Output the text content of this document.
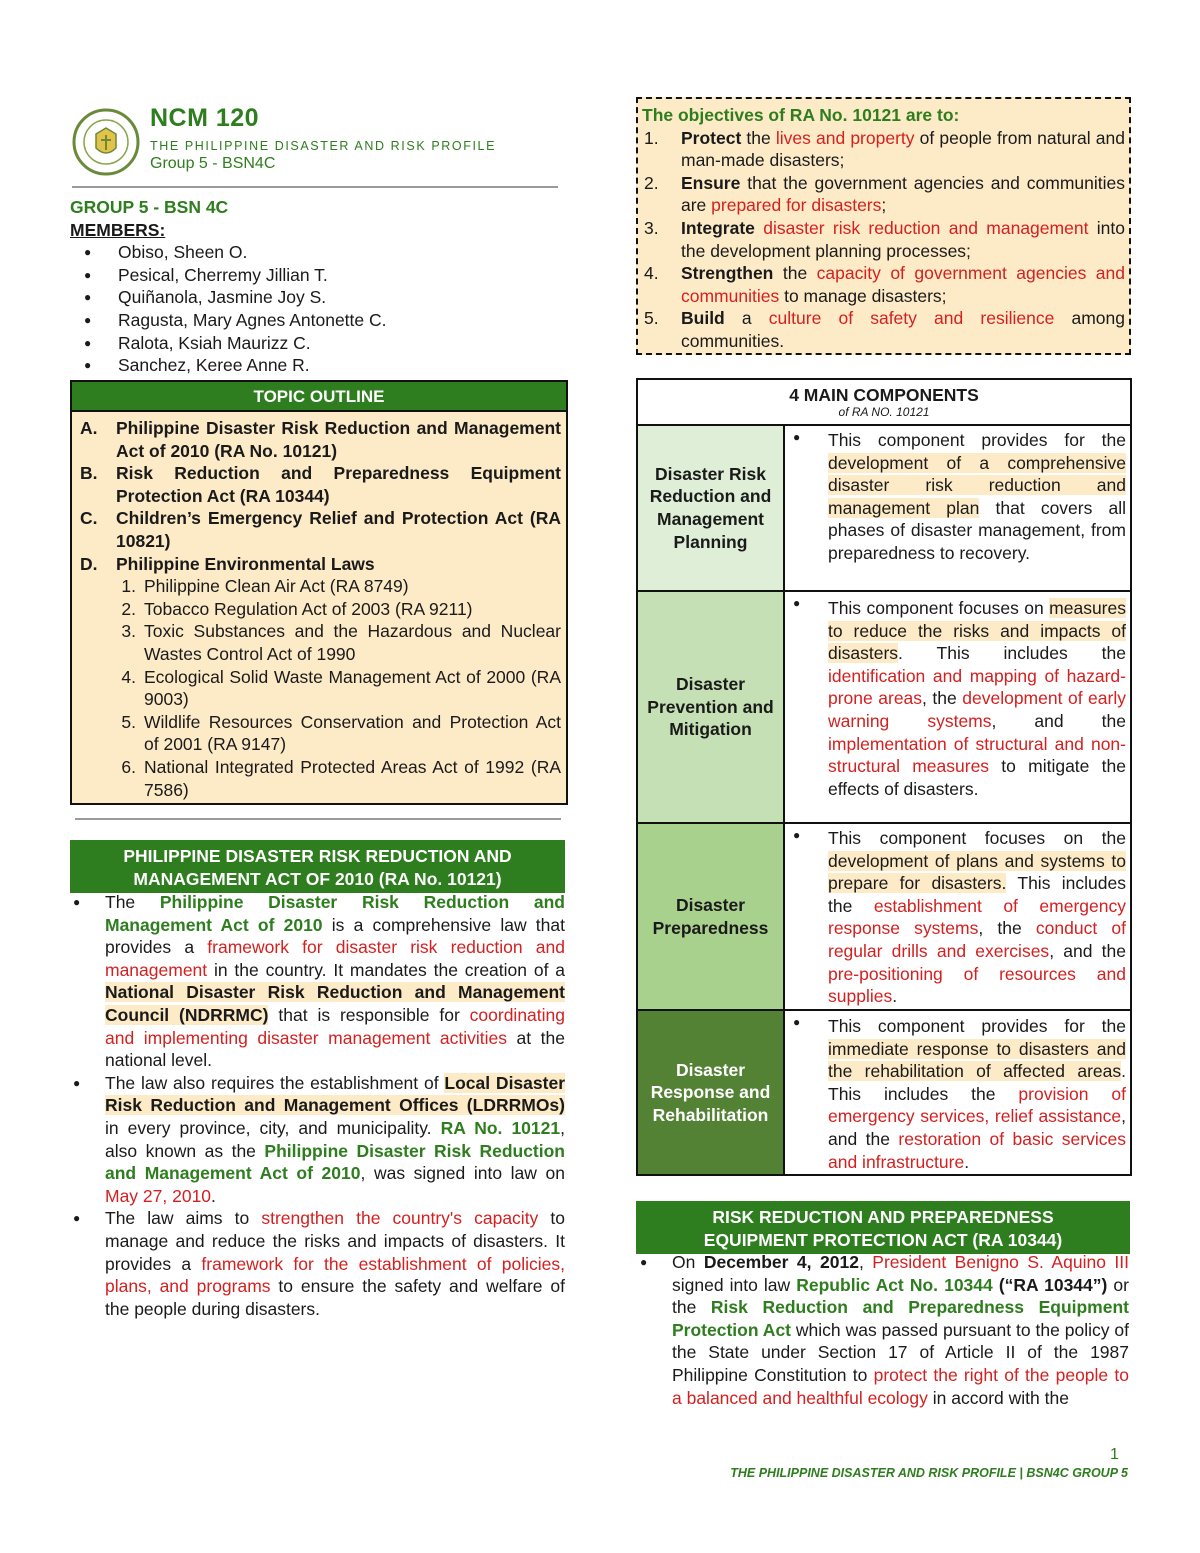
NCM 120
THE PHILIPPINE DISASTER AND RISK PROFILE
Group 5 - BSN4C
GROUP 5 - BSN 4C
MEMBERS:
● Obiso, Sheen O.
● Pesical, Cherremy Jillian T.
● Quiñanola, Jasmine Joy S.
● Ragusta, Mary Agnes Antonette C.
● Ralota, Ksiah Maurizz C.
● Sanchez, Keree Anne R.
TOPIC OUTLINE
A.	Philippine Disaster Risk Reduction and Management Act of 2010 (RA No. 10121)
B.	Risk Reduction and Preparedness Equipment Protection Act (RA 10344)
C.	Children’s Emergency Relief and Protection Act (RA 10821)
D.	Philippine Environmental Laws
1. Philippine Clean Air Act (RA 8749)
2. Tobacco Regulation Act of 2003 (RA 9211)
3. Toxic Substances and the Hazardous and Nuclear Wastes Control Act of 1990
4. Ecological Solid Waste Management Act of 2000 (RA 9003)
5. Wildlife Resources Conservation and Protection Act of 2001 (RA 9147)
6. National Integrated Protected Areas Act of 1992 (RA 7586)
PHILIPPINE DISASTER RISK REDUCTION AND
MANAGEMENT ACT OF 2010 (RA No. 10121)

● The Philippine Disaster Risk Reduction and Management Act of 2010 is a comprehensive law that provides a framework for disaster risk reduction and management in the country. It mandates the creation of a National Disaster Risk Reduction and Management Council (NDRRMC) that is responsible for coordinating and implementing disaster management activities at the national level.

● The law also requires the establishment of Local Disaster Risk Reduction and Management Offices (LDRRMOs) in every province, city, and municipality. RA No. 10121, also known as the Philippine Disaster Risk Reduction and Management Act of 2010, was signed into law on May 27, 2010.

● The law aims to strengthen the country's capacity to manage and reduce the risks and impacts of disasters. It provides a framework for the establishment of policies, plans, and programs to ensure the safety and welfare of the people during disasters.

The objectives of RA No. 10121 are to:
1.	Protect the lives and property of people from natural and man-made disasters;
2.	Ensure that the government agencies and communities are prepared for disasters;
3.	Integrate disaster risk reduction and management into the development planning processes;
4.	Strengthen the capacity of government agencies and communities to manage disasters;
5.	Build a culture of safety and resilience among communities.
4 MAIN COMPONENTS
of RA NO. 10121
Disaster Risk Reduction and Management Planning
● This component provides for the development of a comprehensive disaster risk reduction and management plan that covers all phases of disaster management, from preparedness to recovery.
Disaster Prevention and Mitigation
● This component focuses on measures to reduce the risks and impacts of disasters. This includes the identification and mapping of hazard-prone areas, the development of early warning systems, and the implementation of structural and non-structural measures to mitigate the effects of disasters.
Disaster Preparedness
● This component focuses on the development of plans and systems to prepare for disasters. This includes the establishment of emergency response systems, the conduct of regular drills and exercises, and the pre-positioning of resources and supplies.
Disaster Response and Rehabilitation
● This component provides for the immediate response to disasters and the rehabilitation of affected areas. This includes the provision of emergency services, relief assistance, and the restoration of basic services and infrastructure.
RISK REDUCTION AND PREPAREDNESS
EQUIPMENT PROTECTION ACT (RA 10344)

● On December 4, 2012, President Benigno S. Aquino III signed into law Republic Act No. 10344 (“RA 10344”) or the Risk Reduction and Preparedness Equipment Protection Act which was passed pursuant to the policy of the State under Section 17 of Article II of the 1987 Philippine Constitution to protect the right of the people to a balanced and healthful ecology in accord with the

1
THE PHILIPPINE DISASTER AND RISK PROFILE | BSN4C GROUP 5
